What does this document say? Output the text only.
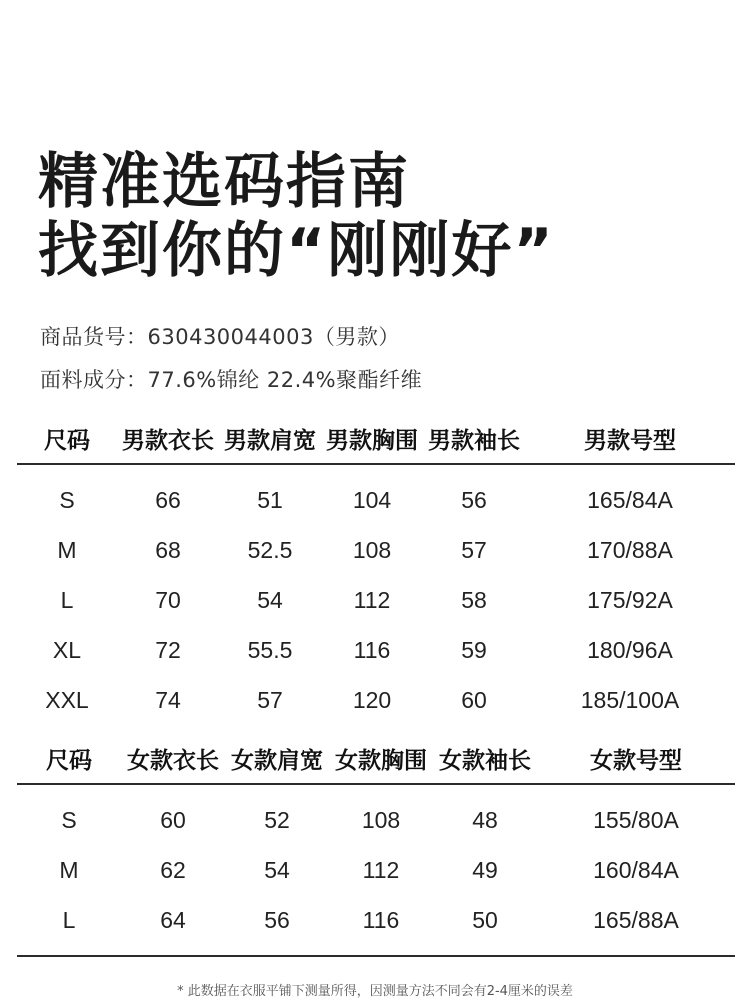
精准选码指南
找到你的“刚刚好”
商品货号：630430044003（男款）
面料成分：77.6%锦纶 22.4%聚酯纤维
尺码	男款衣长	男款肩宽	男款胸围	男款袖长	男款号型
S	66	51	104	56	165/84A
M	68	52.5	108	57	170/88A
L	70	54	112	58	175/92A
XL	72	55.5	116	59	180/96A
XXL	74	57	120	60	185/100A
尺码	女款衣长	女款肩宽	女款胸围	女款袖长	女款号型
S	60	52	108	48	155/80A
M	62	54	112	49	160/84A
L	64	56	116	50	165/88A
* 此数据在衣服平铺下测量所得，因测量方法不同会有2-4厘米的误差
